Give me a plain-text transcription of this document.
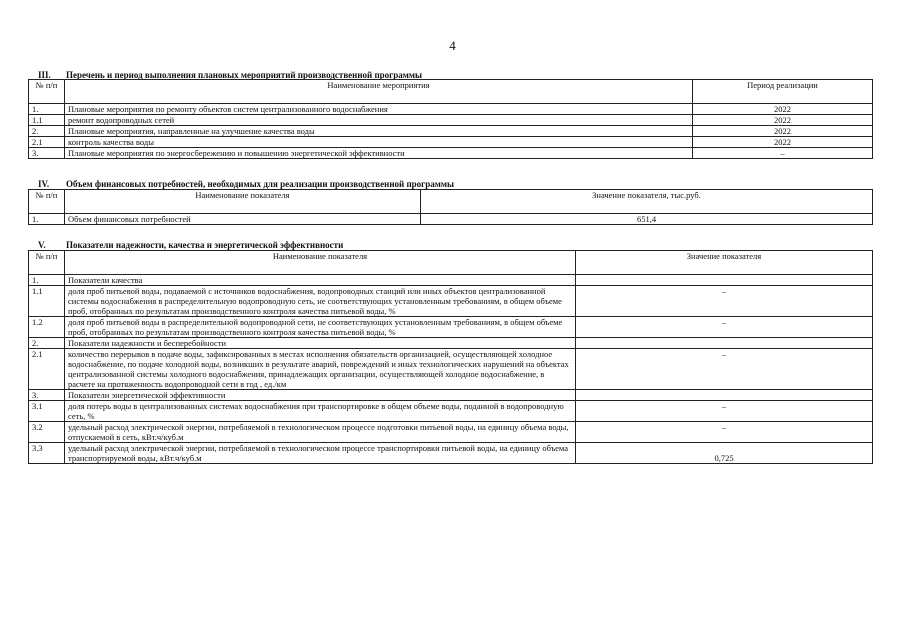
4
III. Перечень и период выполнения плановых мероприятий производственной программы
№ п/п	Наименование мероприятия	Период реализации
1.	Плановые мероприятия по ремонту объектов систем централизованного водоснабжения	2022
1.1	ремонт водопроводных сетей	2022
2.	Плановые мероприятия, направленные на улучшение качества воды	2022
2.1	контроль качества воды	2022
3.	Плановые мероприятия по энергосбережению и повышению энергетической эффективности	–
IV. Объем финансовых потребностей, необходимых для реализации производственной программы
№ п/п	Наименование показателя	Значение показателя, тыс.руб.
1.	Объем финансовых потребностей	651,4
V. Показатели надежности, качества и энергетической эффективности
№ п/п	Наименование показателя	Значение показателя
1.	Показатели качества	
1.1	доля проб питьевой воды, подаваемой с источников водоснабжения, водопроводных станций или иных объектов централизованной системы водоснабжения в распределительную водопроводную сеть, не соответствующих установленным требованиям, в общем объеме проб, отобранных по результатам производственного контроля качества питьевой воды, %	–
1.2	доля проб питьевой воды в распределительной водопроводной сети, не соответствующих установленным требованиям, в общем объеме проб, отобранных по результатам производственного контроля качества питьевой воды, %	–
2.	Показатели надежности и бесперебойности	
2.1	количество перерывов в подаче воды, зафиксированных в местах исполнения обязательств организацией, осуществляющей холодное водоснабжение, по подаче холодной воды, возникших в результате аварий, повреждений и иных технологических нарушений на объектах централизованной системы холодного водоснабжения, принадлежащих организации, осуществляющей холодное водоснабжение, в расчете на протяженность водопроводной сети в год , ед./км	–
3.	Показатели энергетической эффективности	
3.1	доля потерь воды в централизованных системах водоснабжения при транспортировке в общем объеме воды, поданной в водопроводную сеть, %	–
3.2	удельный расход электрической энергии, потребляемой в технологическом процессе подготовки питьевой воды, на единицу объема воды, отпускаемой в сеть, кВт.ч/куб.м	–
3.3	удельный расход электрической энергии, потребляемой в технологическом процессе транспортировки питьевой воды, на единицу объема транспортируемой воды, кВт.ч/куб.м	0,725
